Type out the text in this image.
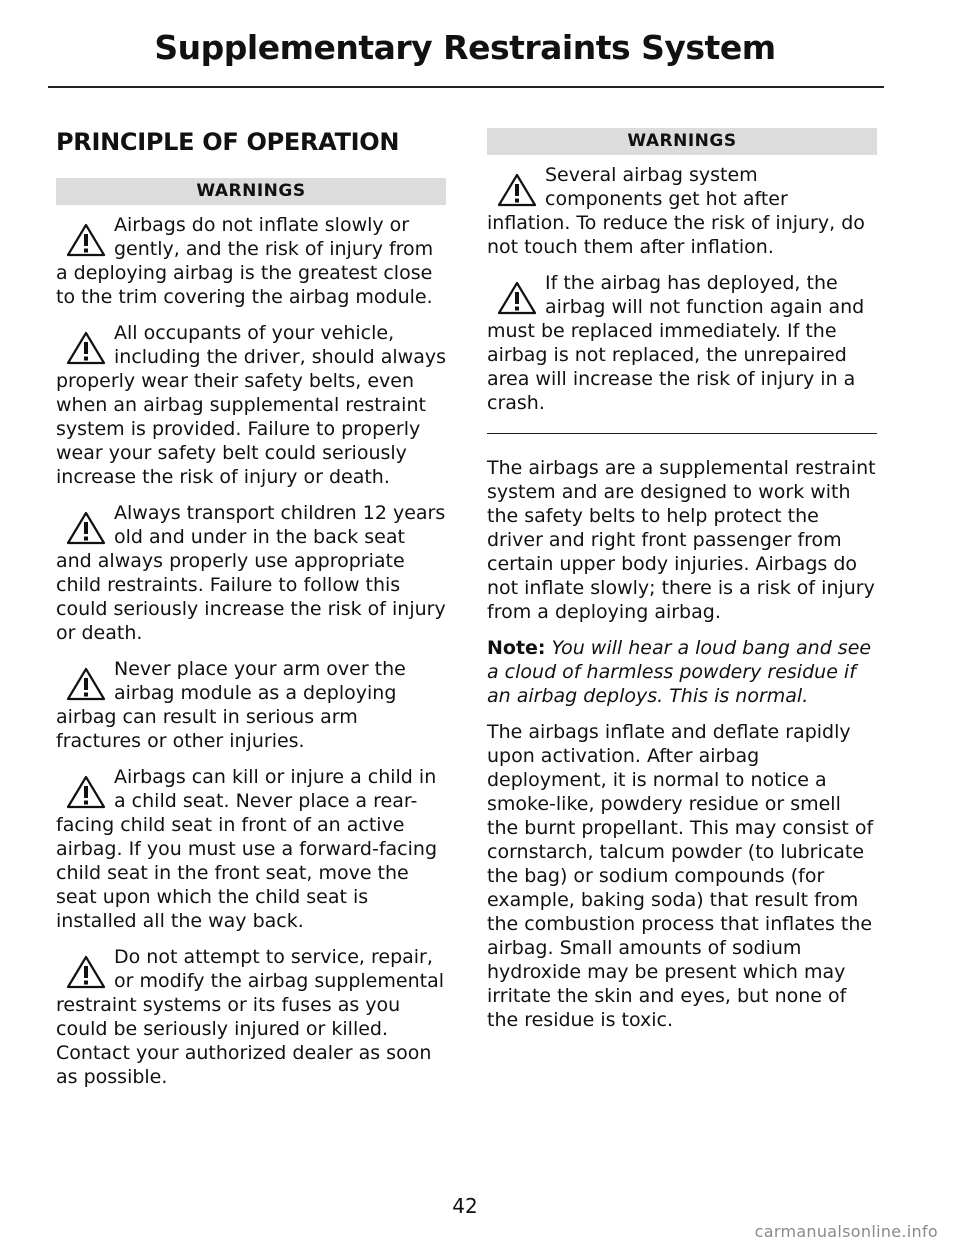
Supplementary Restraints System
PRINCIPLE OF OPERATION
WARNINGS
Airbags do not inflate slowly or gently, and the risk of injury from a deploying airbag is the greatest close to the trim covering the airbag module.
All occupants of your vehicle, including the driver, should always properly wear their safety belts, even when an airbag supplemental restraint system is provided. Failure to properly wear your safety belt could seriously increase the risk of injury or death.
Always transport children 12 years old and under in the back seat and always properly use appropriate child restraints. Failure to follow this could seriously increase the risk of injury or death.
Never place your arm over the airbag module as a deploying airbag can result in serious arm fractures or other injuries.
Airbags can kill or injure a child in a child seat. Never place a rear-facing child seat in front of an active airbag. If you must use a forward-facing child seat in the front seat, move the seat upon which the child seat is installed all the way back.
Do not attempt to service, repair, or modify the airbag supplemental restraint systems or its fuses as you could be seriously injured or killed. Contact your authorized dealer as soon as possible.
WARNINGS
Several airbag system components get hot after inflation. To reduce the risk of injury, do not touch them after inflation.
If the airbag has deployed, the airbag will not function again and must be replaced immediately. If the airbag is not replaced, the unrepaired area will increase the risk of injury in a crash.

The airbags are a supplemental restraint system and are designed to work with the safety belts to help protect the driver and right front passenger from certain upper body injuries. Airbags do not inflate slowly; there is a risk of injury from a deploying airbag.

Note: You will hear a loud bang and see a cloud of harmless powdery residue if an airbag deploys. This is normal.

The airbags inflate and deflate rapidly upon activation. After airbag deployment, it is normal to notice a smoke-like, powdery residue or smell the burnt propellant. This may consist of cornstarch, talcum powder (to lubricate the bag) or sodium compounds (for example, baking soda) that result from the combustion process that inflates the airbag. Small amounts of sodium hydroxide may be present which may irritate the skin and eyes, but none of the residue is toxic.

42
carmanualsonline.info
